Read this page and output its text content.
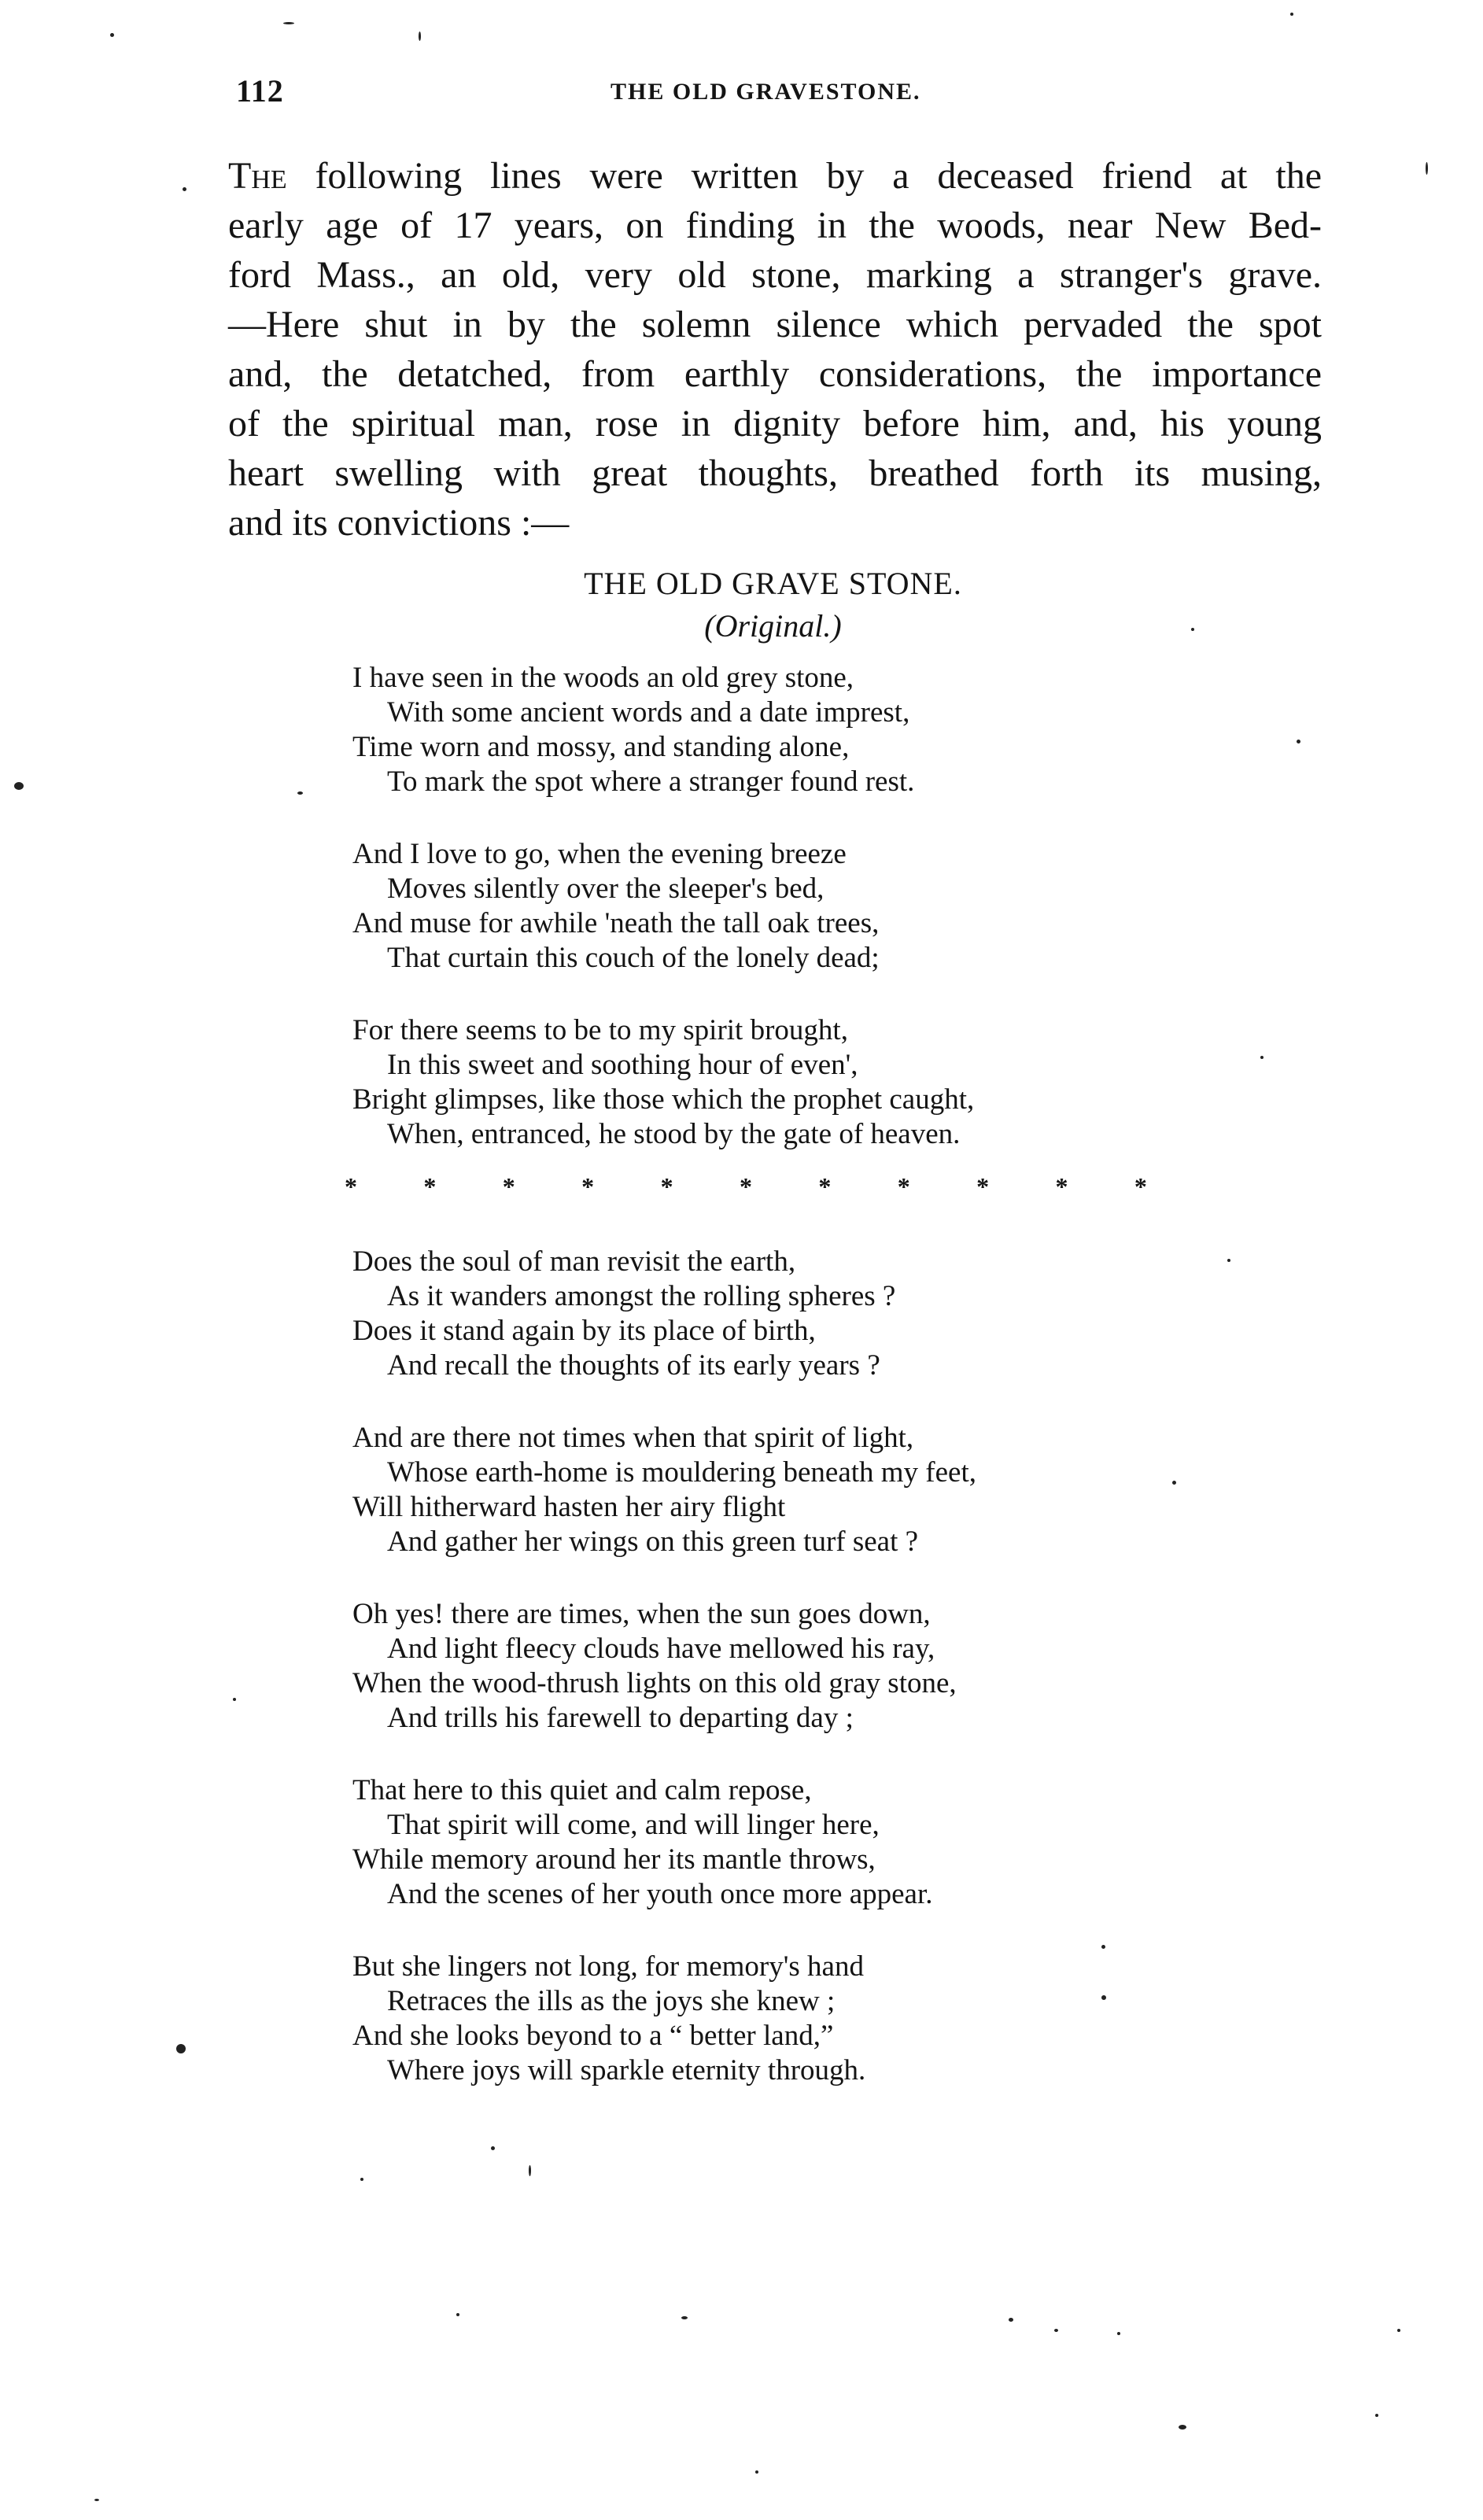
112	THE OLD GRAVESTONE.
The following lines were written by a deceased friend at the
early age of 17 years, on finding in the woods, near New Bed-
ford Mass., an old, very old stone, marking a stranger's grave.
—Here shut in by the solemn silence which pervaded the spot
and, the detatched, from earthly considerations, the importance
of the spiritual man, rose in dignity before him, and, his young
heart swelling with great thoughts, breathed forth its musing,
and its convictions :—
THE OLD GRAVE STONE.
(Original.)
I have seen in the woods an old grey stone,
With some ancient words and a date imprest,
Time worn and mossy, and standing alone,
To mark the spot where a stranger found rest.
And I love to go, when the evening breeze
Moves silently over the sleeper's bed,
And muse for awhile 'neath the tall oak trees,
That curtain this couch of the lonely dead;
For there seems to be to my spirit brought,
In this sweet and soothing hour of even',
Bright glimpses, like those which the prophet caught,
When, entranced, he stood by the gate of heaven.
*	*	*	*	*	*	*	*	*	*	*
Does the soul of man revisit the earth,
As it wanders amongst the rolling spheres ?
Does it stand again by its place of birth,
And recall the thoughts of its early years ?
And are there not times when that spirit of light,
Whose earth-home is mouldering beneath my feet,
Will hitherward hasten her airy flight
And gather her wings on this green turf seat ?
Oh yes! there are times, when the sun goes down,
And light fleecy clouds have mellowed his ray,
When the wood-thrush lights on this old gray stone,
And trills his farewell to departing day ;
That here to this quiet and calm repose,
That spirit will come, and will linger here,
While memory around her its mantle throws,
And the scenes of her youth once more appear.
But she lingers not long, for memory's hand
Retraces the ills as the joys she knew ;
And she looks beyond to a “ better land,”
Where joys will sparkle eternity through.
